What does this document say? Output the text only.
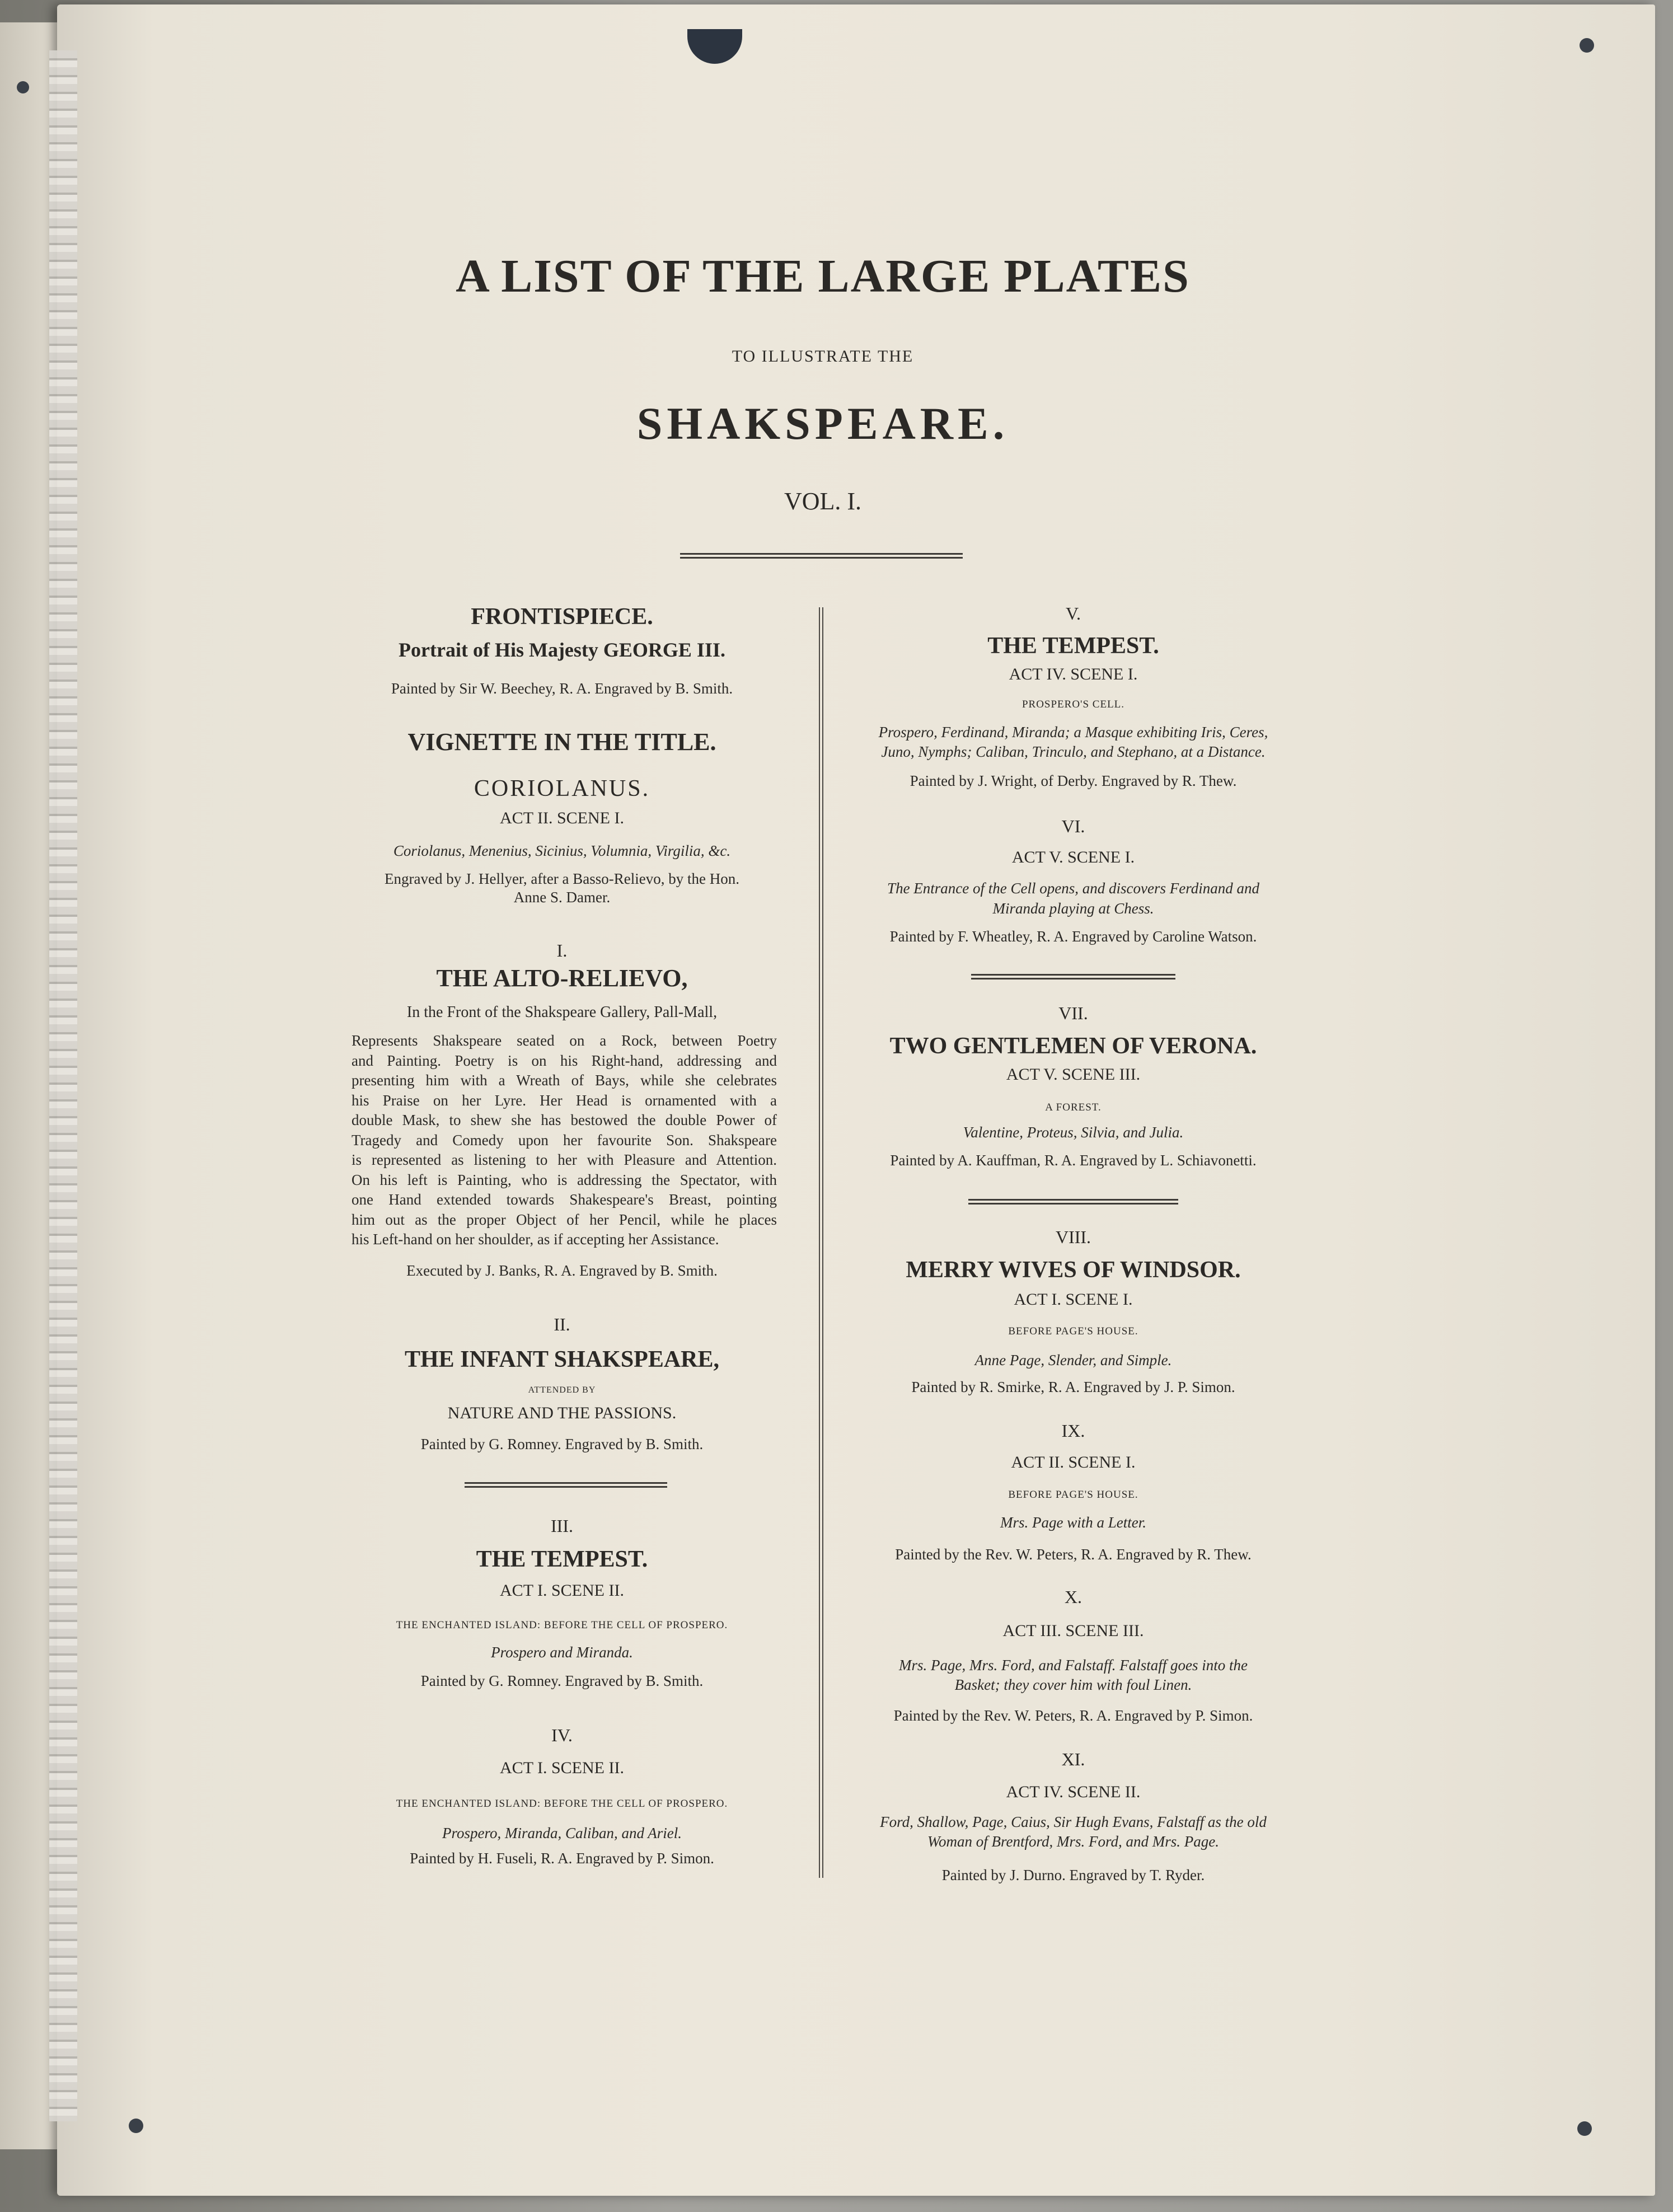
A LIST OF THE LARGE PLATES
TO ILLUSTRATE THE
SHAKSPEARE.
VOL. I.
FRONTISPIECE.
Portrait of His Majesty GEORGE III.
Painted by Sir W. Beechey, R. A. Engraved by B. Smith.
VIGNETTE IN THE TITLE.
CORIOLANUS.
ACT II. SCENE I.
Coriolanus, Menenius, Sicinius, Volumnia, Virgilia, &c.
Engraved by J. Hellyer, after a Basso-Relievo, by the Hon.
Anne S. Damer.
I.
THE ALTO-RELIEVO,
In the Front of the Shakspeare Gallery, Pall-Mall,
Represents Shakspeare seated on a Rock, between Poetry
and Painting. Poetry is on his Right-hand, addressing and
presenting him with a Wreath of Bays, while she celebrates
his Praise on her Lyre. Her Head is ornamented with a
double Mask, to shew she has bestowed the double Power of
Tragedy and Comedy upon her favourite Son. Shakspeare
is represented as listening to her with Pleasure and Attention.
On his left is Painting, who is addressing the Spectator, with
one Hand extended towards Shakespeare's Breast, pointing
him out as the proper Object of her Pencil, while he places
his Left-hand on her shoulder, as if accepting her Assistance.
Executed by J. Banks, R. A. Engraved by B. Smith.
II.
THE INFANT SHAKSPEARE,
ATTENDED BY
NATURE AND THE PASSIONS.
Painted by G. Romney. Engraved by B. Smith.
III.
THE TEMPEST.
ACT I. SCENE II.
THE ENCHANTED ISLAND: BEFORE THE CELL OF PROSPERO.
Prospero and Miranda.
Painted by G. Romney. Engraved by B. Smith.
IV.
ACT I. SCENE II.
THE ENCHANTED ISLAND: BEFORE THE CELL OF PROSPERO.
Prospero, Miranda, Caliban, and Ariel.
Painted by H. Fuseli, R. A. Engraved by P. Simon.
V.
THE TEMPEST.
ACT IV. SCENE I.
PROSPERO'S CELL.
Prospero, Ferdinand, Miranda; a Masque exhibiting Iris, Ceres,
Juno, Nymphs; Caliban, Trinculo, and Stephano, at a Distance.
Painted by J. Wright, of Derby. Engraved by R. Thew.
VI.
ACT V. SCENE I.
The Entrance of the Cell opens, and discovers Ferdinand and
Miranda playing at Chess.
Painted by F. Wheatley, R. A. Engraved by Caroline Watson.
VII.
TWO GENTLEMEN OF VERONA.
ACT V. SCENE III.
A FOREST.
Valentine, Proteus, Silvia, and Julia.
Painted by A. Kauffman, R. A. Engraved by L. Schiavonetti.
VIII.
MERRY WIVES OF WINDSOR.
ACT I. SCENE I.
BEFORE PAGE'S HOUSE.
Anne Page, Slender, and Simple.
Painted by R. Smirke, R. A. Engraved by J. P. Simon.
IX.
ACT II. SCENE I.
BEFORE PAGE'S HOUSE.
Mrs. Page with a Letter.
Painted by the Rev. W. Peters, R. A. Engraved by R. Thew.
X.
ACT III. SCENE III.
Mrs. Page, Mrs. Ford, and Falstaff. Falstaff goes into the
Basket; they cover him with foul Linen.
Painted by the Rev. W. Peters, R. A. Engraved by P. Simon.
XI.
ACT IV. SCENE II.
Ford, Shallow, Page, Caius, Sir Hugh Evans, Falstaff as the old
Woman of Brentford, Mrs. Ford, and Mrs. Page.
Painted by J. Durno. Engraved by T. Ryder.
